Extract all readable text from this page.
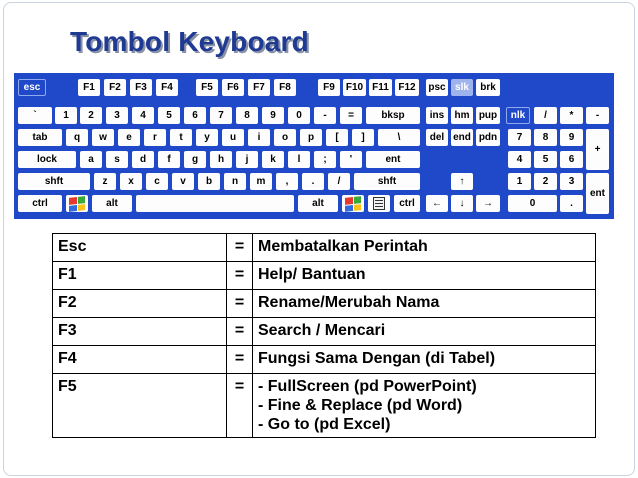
Tombol Keyboard
esc	F1	F2	F3	F4	F5	F6	F7	F8	F9	F10 F11 F12	psc slk	brk
`	1	2	3	4	5	6	7	8	9	0	-	=	bksp	ins	hm pup	nlk	/	*	-
tab	q	w	e	r	t	y	u	i	o	p	[	]	\	del end pdn	7	8	9
+
lock	a	s	d	f	g	h	j	k	l	;	'	ent	4	5	6
shft	z	x	c	v	b	n	m	,	.	/	shft	↑	1	2	3
ent
ctrl	alt	alt	ctrl	←	↓	→	0	.
Esc	=	Membatalkan Perintah
F1	=	Help/ Bantuan
F2	=	Rename/Merubah Nama
F3	=	Search / Mencari
F4	=	Fungsi Sama Dengan (di Tabel)
F5	=	- FullScreen (pd PowerPoint)
- Fine & Replace (pd Word)
- Go to (pd Excel)
